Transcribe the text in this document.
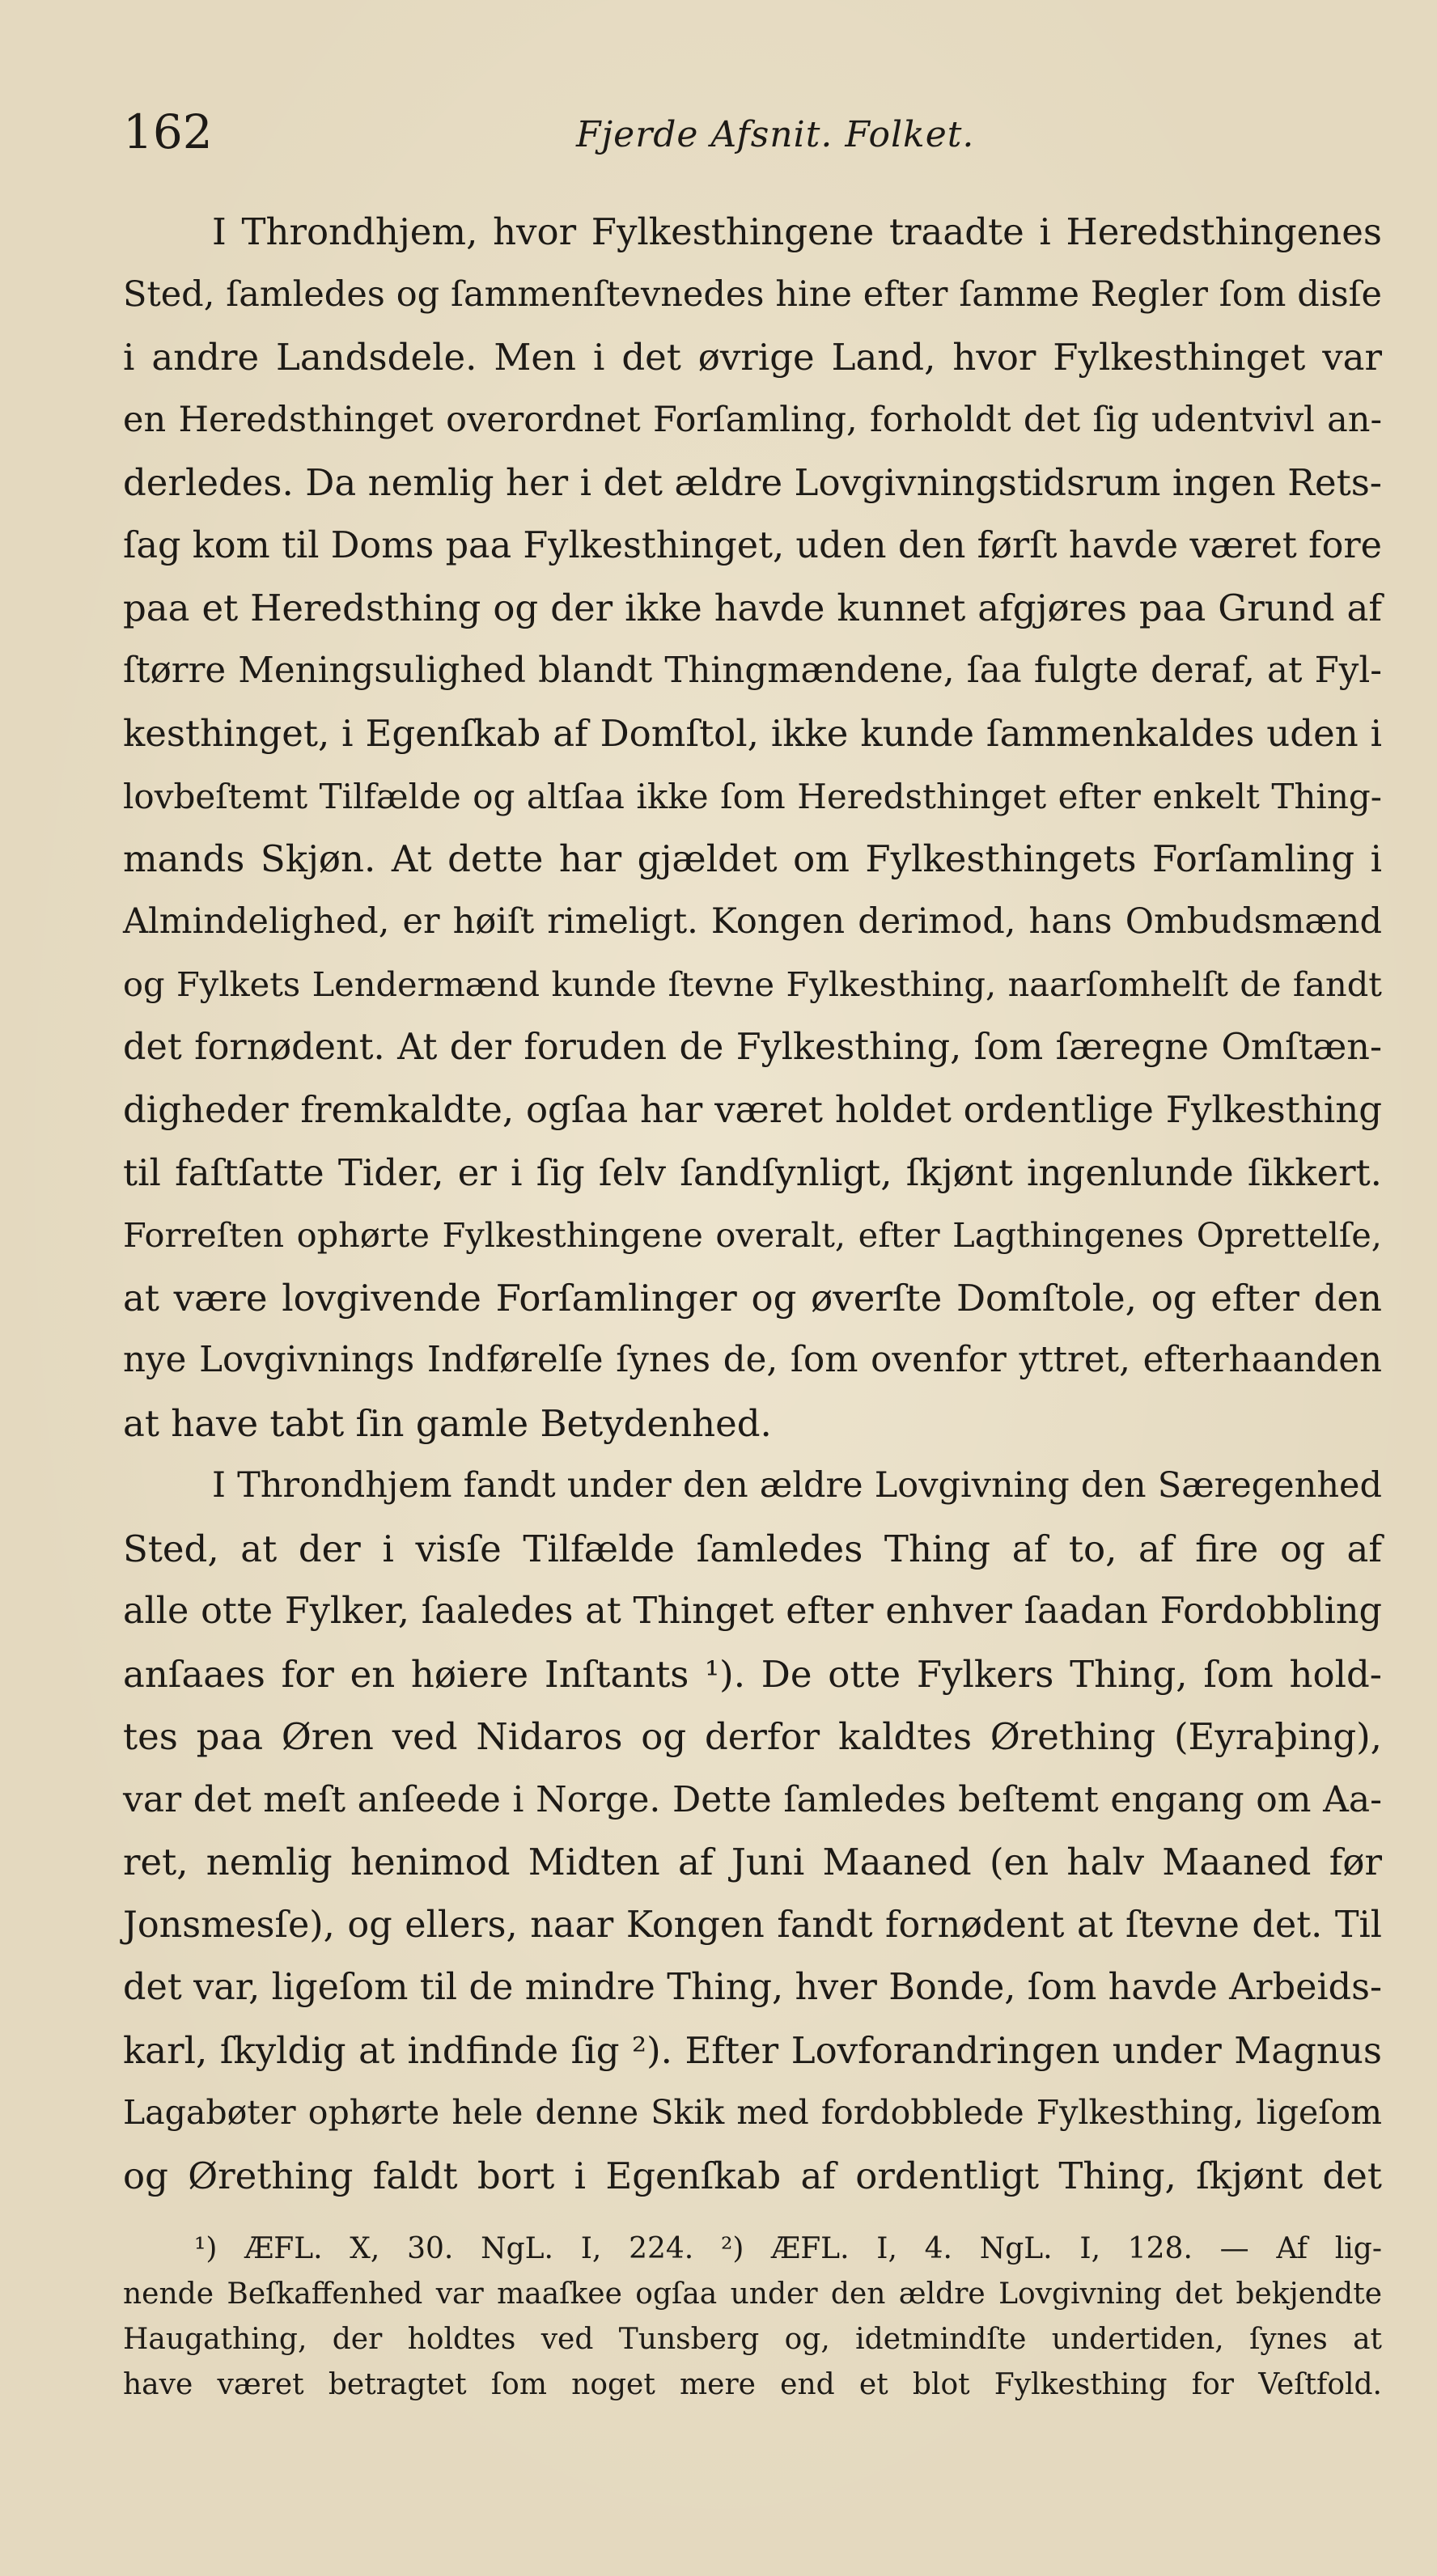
162	Fjerde Afsnit. Folket.
I Throndhjem, hvor Fylkesthingene traadte i Heredsthingenes
Sted, ſamledes og ſammenſtevnedes hine efter ſamme Regler ſom disſe
i andre Landsdele. Men i det øvrige Land, hvor Fylkesthinget var
en Heredsthinget overordnet Forſamling, forholdt det ſig udentvivl an-
derledes. Da nemlig her i det ældre Lovgivningstidsrum ingen Rets-
ſag kom til Doms paa Fylkesthinget, uden den førſt havde været fore
paa et Heredsthing og der ikke havde kunnet afgjøres paa Grund af
ſtørre Meningsulighed blandt Thingmændene, ſaa fulgte deraf, at Fyl-
kesthinget, i Egenſkab af Domſtol, ikke kunde ſammenkaldes uden i
lovbeſtemt Tilfælde og altſaa ikke ſom Heredsthinget efter enkelt Thing-
mands Skjøn. At dette har gjældet om Fylkesthingets Forſamling i
Almindelighed, er høiſt rimeligt. Kongen derimod, hans Ombudsmænd
og Fylkets Lendermænd kunde ſtevne Fylkesthing, naarſomhelſt de fandt
det fornødent. At der foruden de Fylkesthing, ſom ſæregne Omſtæn-
digheder fremkaldte, ogſaa har været holdet ordentlige Fylkesthing
til faſtſatte Tider, er i ſig ſelv ſandſynligt, ſkjønt ingenlunde ſikkert.
Forreſten ophørte Fylkesthingene overalt, efter Lagthingenes Oprettelſe,
at være lovgivende Forſamlinger og øverſte Domſtole, og efter den
nye Lovgivnings Indførelſe ſynes de, ſom ovenfor yttret, efterhaanden
at have tabt ſin gamle Betydenhed.
I Throndhjem fandt under den ældre Lovgivning den Særegenhed
Sted, at der i visſe Tilfælde ſamledes Thing af to, af fire og af
alle otte Fylker, ſaaledes at Thinget efter enhver ſaadan Fordobbling
anſaaes for en høiere Inſtants ¹). De otte Fylkers Thing, ſom hold-
tes paa Øren ved Nidaros og derfor kaldtes Ørething (Eyraþing),
var det meſt anſeede i Norge. Dette ſamledes beſtemt engang om Aa-
ret, nemlig henimod Midten af Juni Maaned (en halv Maaned før
Jonsmesſe), og ellers, naar Kongen fandt fornødent at ſtevne det. Til
det var, ligeſom til de mindre Thing, hver Bonde, ſom havde Arbeids-
karl, ſkyldig at indfinde ſig ²). Efter Lovforandringen under Magnus
Lagabøter ophørte hele denne Skik med fordobblede Fylkesthing, ligeſom
og Ørething faldt bort i Egenſkab af ordentligt Thing, ſkjønt det
¹) ÆFL. X, 30. NgL. I, 224. ²) ÆFL. I, 4. NgL. I, 128. — Af lig-
nende Beſkaffenhed var maaſkee ogſaa under den ældre Lovgivning det bekjendte
Haugathing, der holdtes ved Tunsberg og, idetmindſte undertiden, ſynes at
have været betragtet ſom noget mere end et blot Fylkesthing for Veſtfold.
